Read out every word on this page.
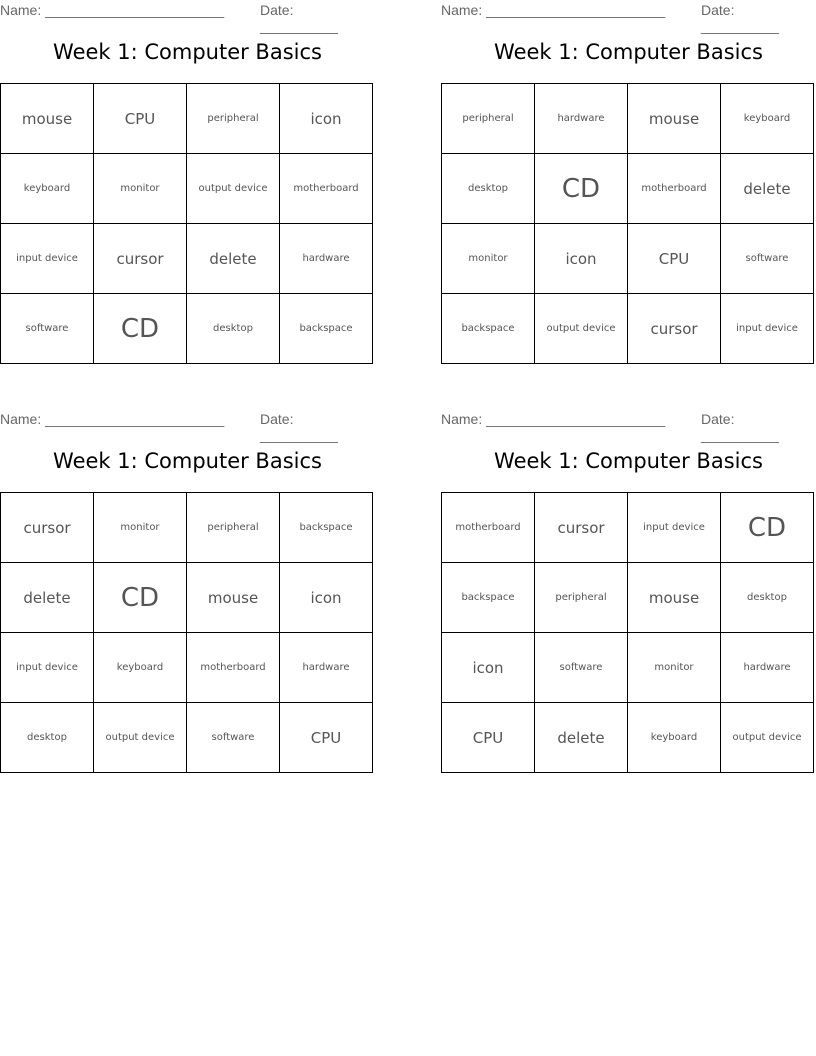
Name: _______________________	Date: __________
Week 1: Computer Basics
mouse	CPU	peripheral	icon
keyboard	monitor	output device	motherboard
input device	cursor	delete	hardware
software	CD	desktop	backspace
Name: _______________________	Date: __________
Week 1: Computer Basics
peripheral	hardware	mouse	keyboard
desktop	CD	motherboard	delete
monitor	icon	CPU	software
backspace	output device	cursor	input device
Name: _______________________	Date: __________
Week 1: Computer Basics
cursor	monitor	peripheral	backspace
delete	CD	mouse	icon
input device	keyboard	motherboard	hardware
desktop	output device	software	CPU
Name: _______________________	Date: __________
Week 1: Computer Basics
motherboard	cursor	input device	CD
backspace	peripheral	mouse	desktop
icon	software	monitor	hardware
CPU	delete	keyboard	output device
